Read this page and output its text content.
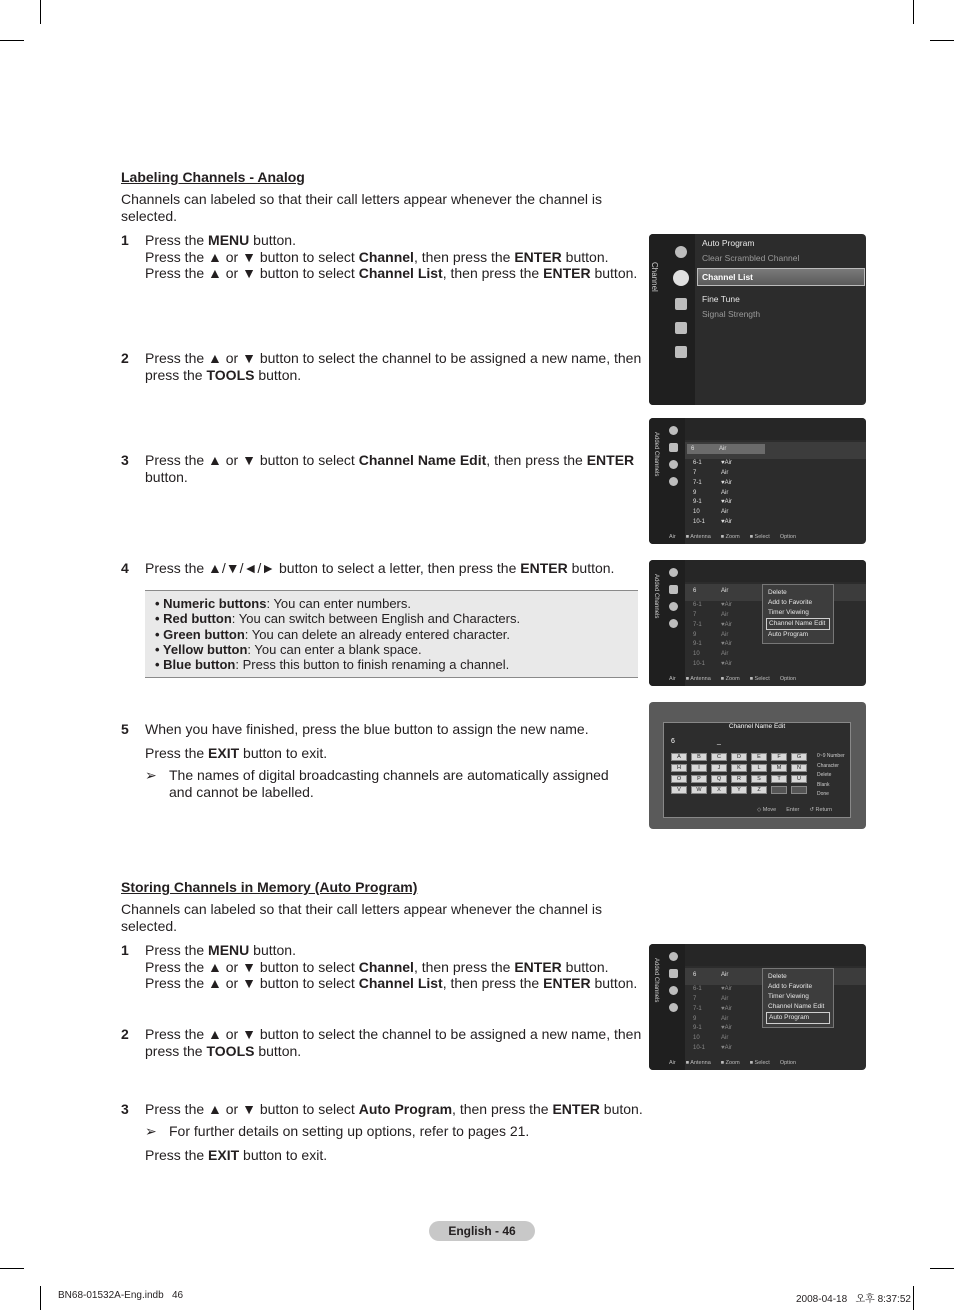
Labeling Channels - Analog
Channels can labeled so that their call letters appear whenever the channel is selected.
1	Press the MENU button.
Press the ▲ or ▼ button to select Channel, then press the ENTER button.
Press the ▲ or ▼ button to select Channel List, then press the ENTER button.
2	Press the ▲ or ▼ button to select the channel to be assigned a new name, then
press the TOOLS button.
3	Press the ▲ or ▼ button to select Channel Name Edit, then press the ENTER
button.
4	Press the ▲/▼/◄/► button to select a letter, then press the ENTER button.
• Numeric buttons: You can enter numbers.
• Red button: You can switch between English and Characters.
• Green button: You can delete an already entered character.
• Yellow button: You can enter a blank space.
• Blue button: Press this button to finish renaming a channel.
5	When you have finished, press the blue button to assign the new name.
Press the EXIT button to exit.
➢ The names of digital broadcasting channels are automatically assigned and cannot be labelled.
Storing Channels in Memory (Auto Program)
Channels can labeled so that their call letters appear whenever the channel is selected.
1	Press the MENU button.
Press the ▲ or ▼ button to select Channel, then press the ENTER button.
Press the ▲ or ▼ button to select Channel List, then press the ENTER button.
2	Press the ▲ or ▼ button to select the channel to be assigned a new name, then
press the TOOLS button.
3	Press the ▲ or ▼ button to select Auto Program, then press the ENTER buton.
➢ For further details on setting up options, refer to pages 21.
Press the EXIT button to exit.
Channel
Auto Program
Clear Scrambled Channel
Channel List
Fine Tune
Signal Strength
Added Channels	6	Air
6-1	♥Air
7	Air
7-1	♥Air
9	Air
9-1	♥Air
10	Air
10-1	♥Air
Air ■ Antenna ■ Zoom ■ Select Option
Added Channels	6	Air
6-1	♥Air
7	Air
7-1	♥Air
9	Air
9-1	♥Air
10	Air
10-1	♥Air
Delete
Add to Favorite
Timer Viewing
Channel Name Edit
Auto Program
Air ■ Antenna ■ Zoom ■ Select Option
Channel Name Edit
6	_
A	B	C	D	E	F	G
H	I	J	K	L	M	N
O	P	Q	R	S	T	U
V	W	X	Y	Z
0~9 Number
Character
Delete
Blank
Done
◇ Move Enter ↺ Return
Added Channels	6	Air
6-1	♥Air
7	Air
7-1	♥Air
9	Air
9-1	♥Air
10	Air
10-1	♥Air
Delete
Add to Favorite
Timer Viewing
Channel Name Edit
Auto Program
Air ■ Antenna ■ Zoom ■ Select Option
English - 46
BN68-01532A-Eng.indb   46	2008-04-18   오후 8:37:52
